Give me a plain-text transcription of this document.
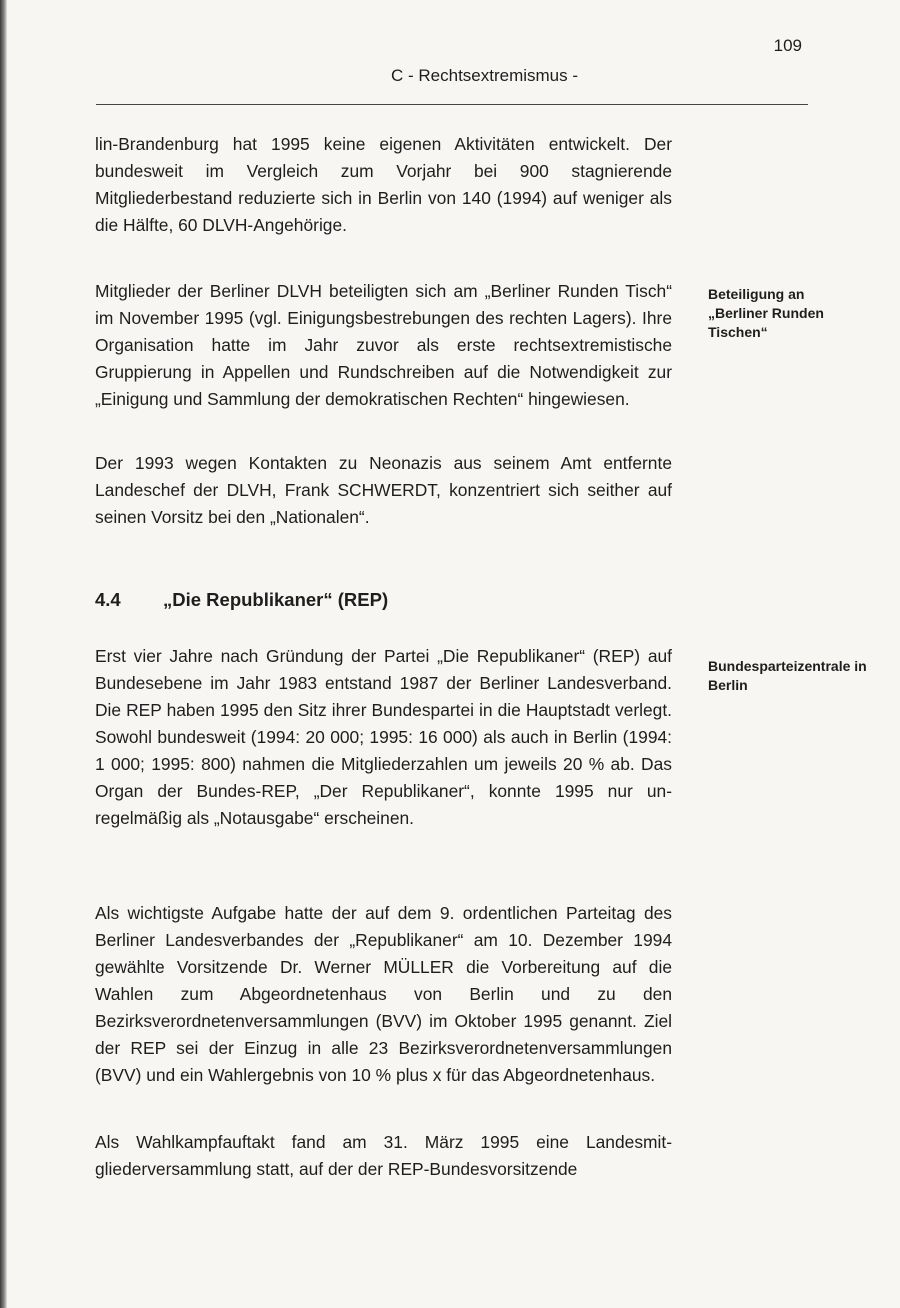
109
C - Rechtsextremismus -

lin-Brandenburg hat 1995 keine eigenen Aktivitäten entwickelt. Der bundesweit im Vergleich zum Vorjahr bei 900 stagnierende Mitgliederbestand reduzierte sich in Berlin von 140 (1994) auf weniger als die Hälfte, 60 DLVH-Angehörige.

Mitglieder der Berliner DLVH beteiligten sich am „Berliner Runden Tisch“ im November 1995 (vgl. Einigungsbestrebungen des rechten Lagers). Ihre Organisation hatte im Jahr zuvor als erste rechtsextremistische Gruppierung in Appellen und Rundschreiben auf die Notwendigkeit zur „Einigung und Sammlung der demokratischen Rechten“ hingewiesen.

Der 1993 wegen Kontakten zu Neonazis aus seinem Amt entfernte Landeschef der DLVH, Frank SCHWERDT, konzentriert sich seither auf seinen Vorsitz bei den „Nationalen“.

Beteiligung an „Berliner Runden Tischen“
4.4 „Die Republikaner“ (REP)

Erst vier Jahre nach Gründung der Partei „Die Republikaner“ (REP) auf Bundesebene im Jahr 1983 entstand 1987 der Berliner Landesverband. Die REP haben 1995 den Sitz ihrer Bundespartei in die Hauptstadt verlegt. Sowohl bundesweit (1994: 20 000; 1995: 16 000) als auch in Berlin (1994: 1 000; 1995: 800) nahmen die Mitgliederzahlen um jeweils 20 % ab. Das Organ der Bundes-REP, „Der Republikaner“, konnte 1995 nur unregelmäßig als „Notausgabe“ erscheinen.

Bundesparteizentrale in Berlin

Als wichtigste Aufgabe hatte der auf dem 9. ordentlichen Parteitag des Berliner Landesverbandes der „Republikaner“ am 10. Dezember 1994 gewählte Vorsitzende Dr. Werner MÜLLER die Vorbereitung auf die Wahlen zum Abgeordnetenhaus von Berlin und zu den Bezirksverordnetenversammlungen (BVV) im Oktober 1995 genannt. Ziel der REP sei der Einzug in alle 23 Bezirksverordnetenversammlungen (BVV) und ein Wahlergebnis von 10 % plus x für das Abgeordnetenhaus.

Als Wahlkampfauftakt fand am 31. März 1995 eine Landesmitgliederversammlung statt, auf der der REP-Bundesvorsitzende
